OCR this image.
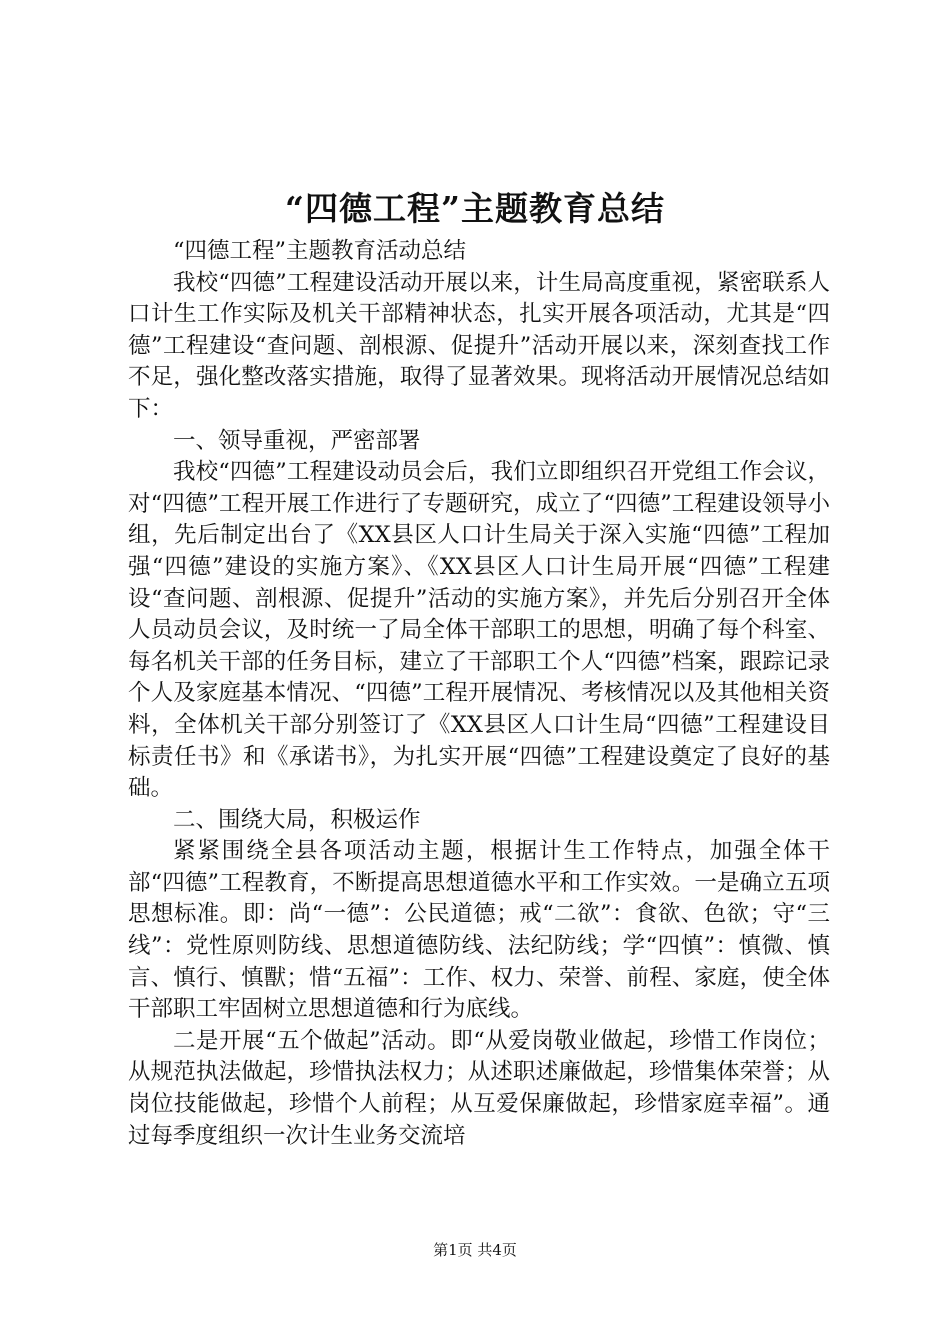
“四德工程”主题教育总结

“四德工程”主题教育活动总结

我校“四德”工程建设活动开展以来，计生局高度重视，紧密联系人口计生工作实际及机关干部精神状态，扎实开展各项活动，尤其是“四德”工程建设“查问题、剖根源、促提升”活动开展以来，深刻查找工作不足，强化整改落实措施，取得了显著效果。现将活动开展情况总结如下：

一、领导重视，严密部署

我校“四德”工程建设动员会后，我们立即组织召开党组工作会议，对“四德”工程开展工作进行了专题研究，成立了“四德”工程建设领导小组，先后制定出台了《XX县区人口计生局关于深入实施“四德”工程加强“四德”建设的实施方案》、《XX县区人口计生局开展“四德”工程建设“查问题、剖根源、促提升”活动的实施方案》，并先后分别召开全体人员动员会议，及时统一了局全体干部职工的思想，明确了每个科室、每名机关干部的任务目标，建立了干部职工个人“四德”档案，跟踪记录个人及家庭基本情况、“四德”工程开展情况、考核情况以及其他相关资料，全体机关干部分别签订了《XX县区人口计生局“四德”工程建设目标责任书》和《承诺书》，为扎实开展“四德”工程建设奠定了良好的基础。

二、围绕大局，积极运作

紧紧围绕全县各项活动主题，根据计生工作特点，加强全体干部“四德”工程教育，不断提高思想道德水平和工作实效。一是确立五项思想标准。即：尚“一德”：公民道德；戒“二欲”：食欲、色欲；守“三线”：党性原则防线、思想道德防线、法纪防线；学“四慎”：慎微、慎言、慎行、慎獸；惜“五福”：工作、权力、荣誉、前程、家庭，使全体干部职工牢固树立思想道德和行为底线。

二是开展“五个做起”活动。即“从爱岗敬业做起，珍惜工作岗位；从规范执法做起，珍惜执法权力；从述职述廉做起，珍惜集体荣誉；从岗位技能做起，珍惜个人前程；从互爱保廉做起，珍惜家庭幸福”。通过每季度组织一次计生业务交流培

第1页 共4页
